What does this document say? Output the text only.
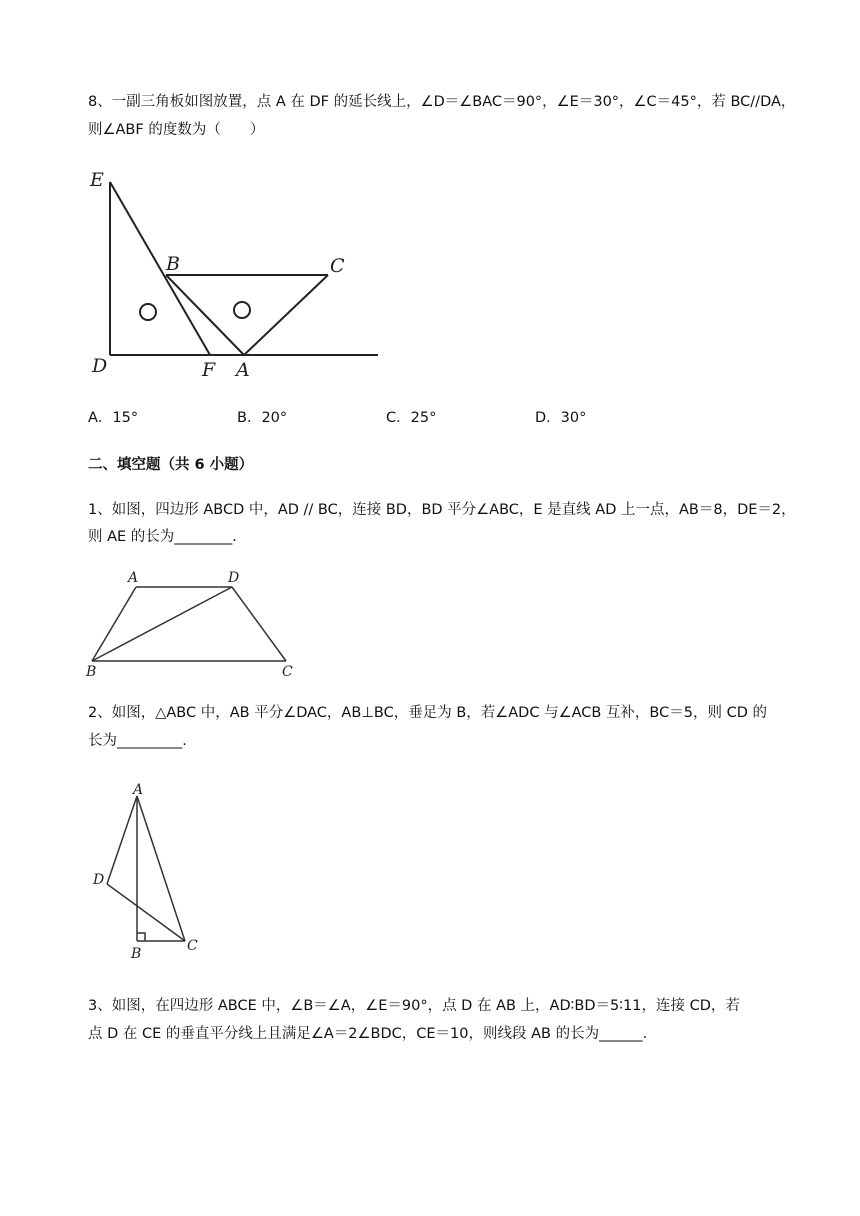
8、一副三角板如图放置，点 A 在 DF 的延长线上，∠D＝∠BAC＝90°，∠E＝30°，∠C＝45°，若 BC//DA，
则∠ABF 的度数为（　　）
E
B	C
D	F A
A．15°	B．20°	C．25°	D．30°
二、填空题（共 6 小题）
1、如图，四边形 ABCD 中，AD // BC，连接 BD，BD 平分∠ABC，E 是直线 AD 上一点，AB＝8，DE＝2，
则 AE 的长为________.
A	D
B	C
2、如图，△ABC 中，AB 平分∠DAC，AB⊥BC，垂足为 B，若∠ADC 与∠ACB 互补，BC＝5，则 CD 的
长为_________.
A
D
B	C
3、如图，在四边形 ABCE 中，∠B＝∠A，∠E＝90°，点 D 在 AB 上，AD∶BD＝5∶11，连接 CD，若
点 D 在 CE 的垂直平分线上且满足∠A＝2∠BDC，CE＝10，则线段 AB 的长为______.
